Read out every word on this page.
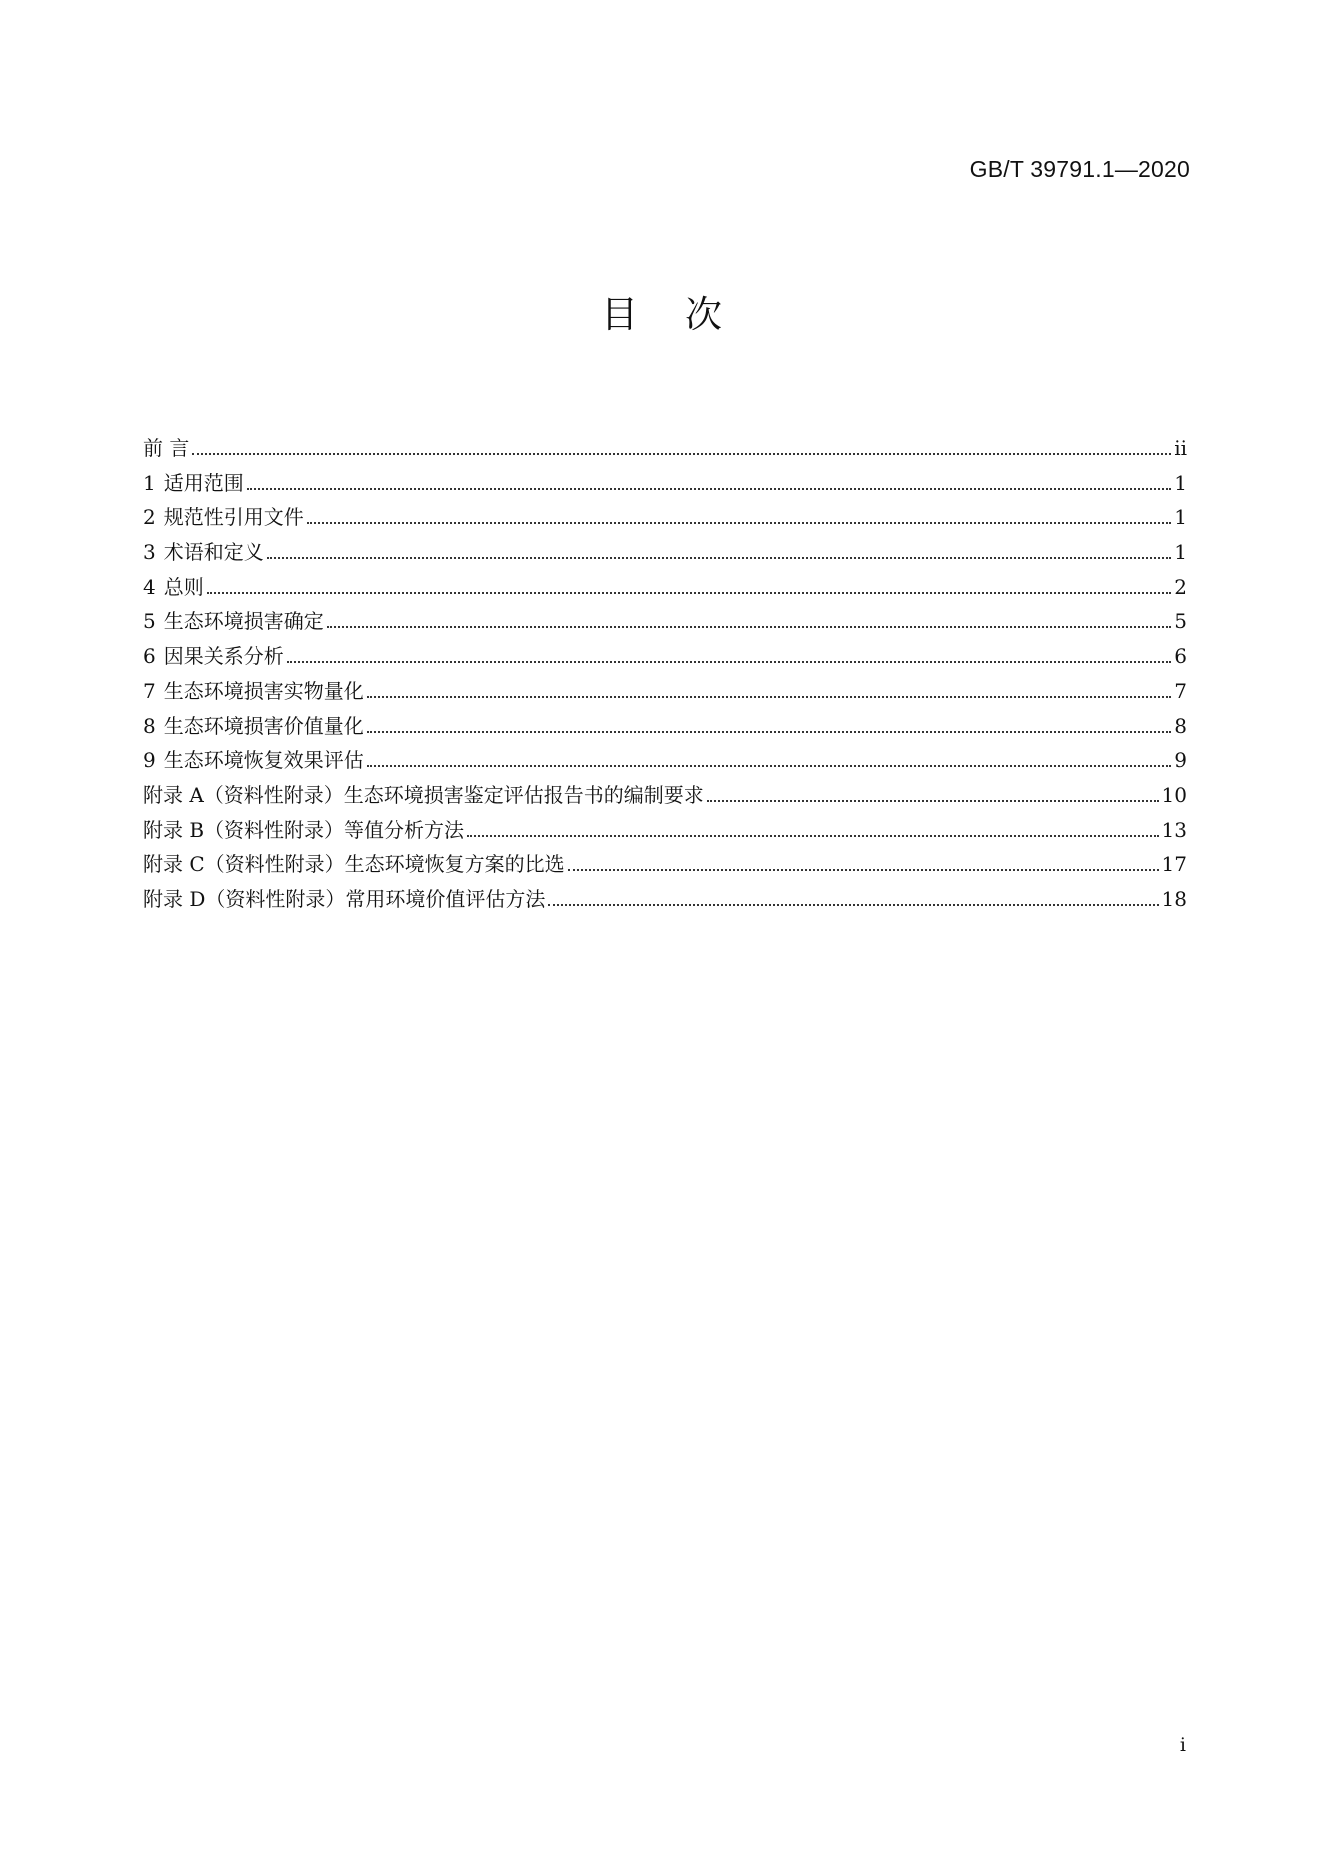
GB/T 39791.1—2020
目    次
前 言	ii
1 适用范围	1
2 规范性引用文件	1
3 术语和定义	1
4 总则	2
5 生态环境损害确定	5
6 因果关系分析	6
7 生态环境损害实物量化	7
8 生态环境损害价值量化	8
9 生态环境恢复效果评估	9
附录 A（资料性附录）生态环境损害鉴定评估报告书的编制要求	10
附录 B（资料性附录）等值分析方法	13
附录 C（资料性附录）生态环境恢复方案的比选	17
附录 D（资料性附录）常用环境价值评估方法	18
i
